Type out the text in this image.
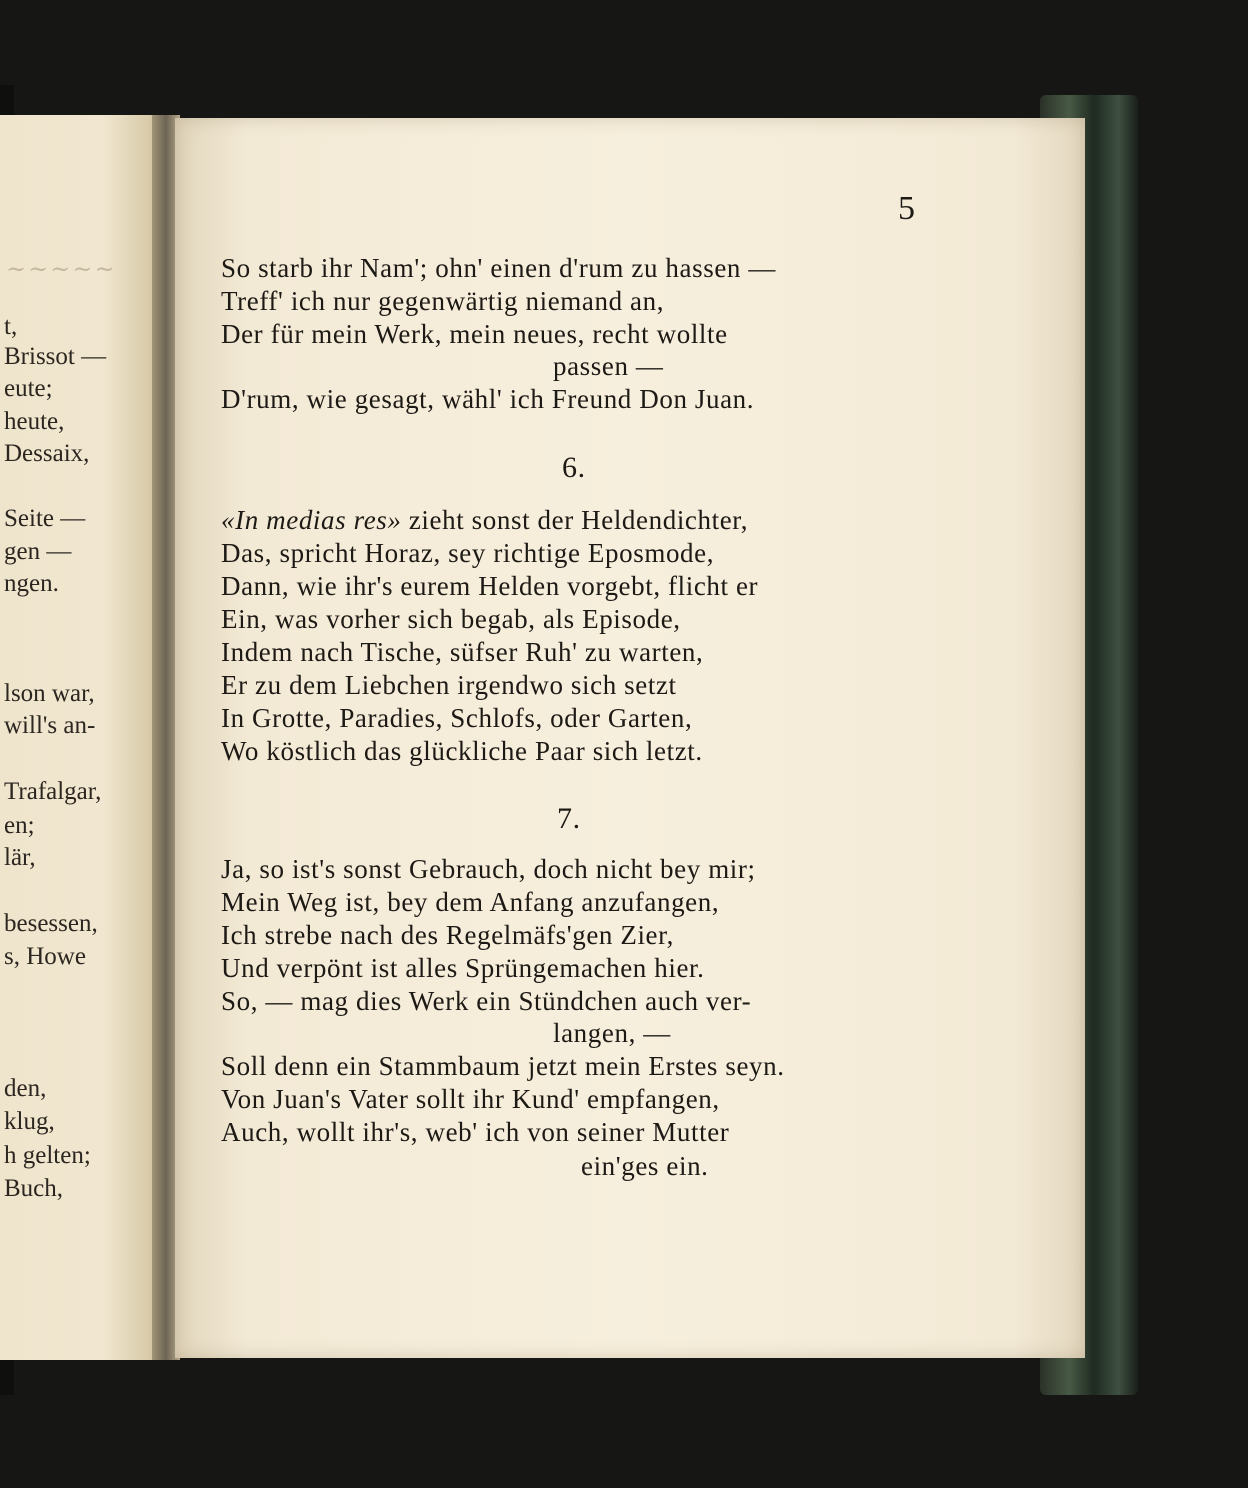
~~~~~
t,
Brissot —
eute;
heute,
Dessaix,
Seite —
gen —
ngen.
lson war,
will's an-
Trafalgar,
en;
lär,
besessen,
s, Howe
den,
klug,
h gelten;
Buch,
5
So starb ihr Nam'; ohn' einen d'rum zu hassen —
Treff' ich nur gegenwärtig niemand an,
Der für mein Werk, mein neues, recht wollte
passen —
D'rum, wie gesagt, wähl' ich Freund Don Juan.
6.
«In medias res» zieht sonst der Heldendichter,
Das, spricht Horaz, sey richtige Eposmode,
Dann, wie ihr's eurem Helden vorgebt, flicht er
Ein, was vorher sich begab, als Episode,
Indem nach Tische, süfser Ruh' zu warten,
Er zu dem Liebchen irgendwo sich setzt
In Grotte, Paradies, Schlofs, oder Garten,
Wo köstlich das glückliche Paar sich letzt.
7.
Ja, so ist's sonst Gebrauch, doch nicht bey mir;
Mein Weg ist, bey dem Anfang anzufangen,
Ich strebe nach des Regelmäfs'gen Zier,
Und verpönt ist alles Sprüngemachen hier.
So, — mag dies Werk ein Stündchen auch ver-
langen, —
Soll denn ein Stammbaum jetzt mein Erstes seyn.
Von Juan's Vater sollt ihr Kund' empfangen,
Auch, wollt ihr's, web' ich von seiner Mutter
ein'ges ein.
